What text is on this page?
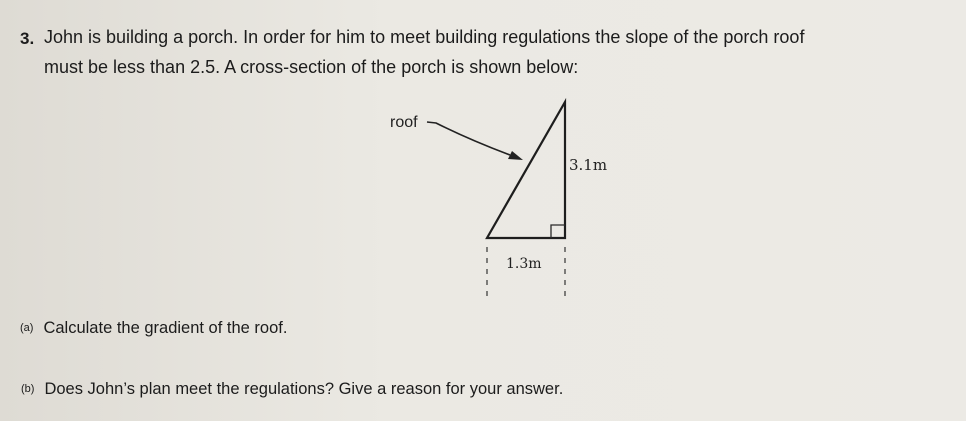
3. John is building a porch. In order for him to meet building regulations the slope of the porch roof
must be less than 2.5. A cross-section of the porch is shown below:
roof
3.1m
1.3m
(a) Calculate the gradient of the roof.
(b) Does John’s plan meet the regulations? Give a reason for your answer.
